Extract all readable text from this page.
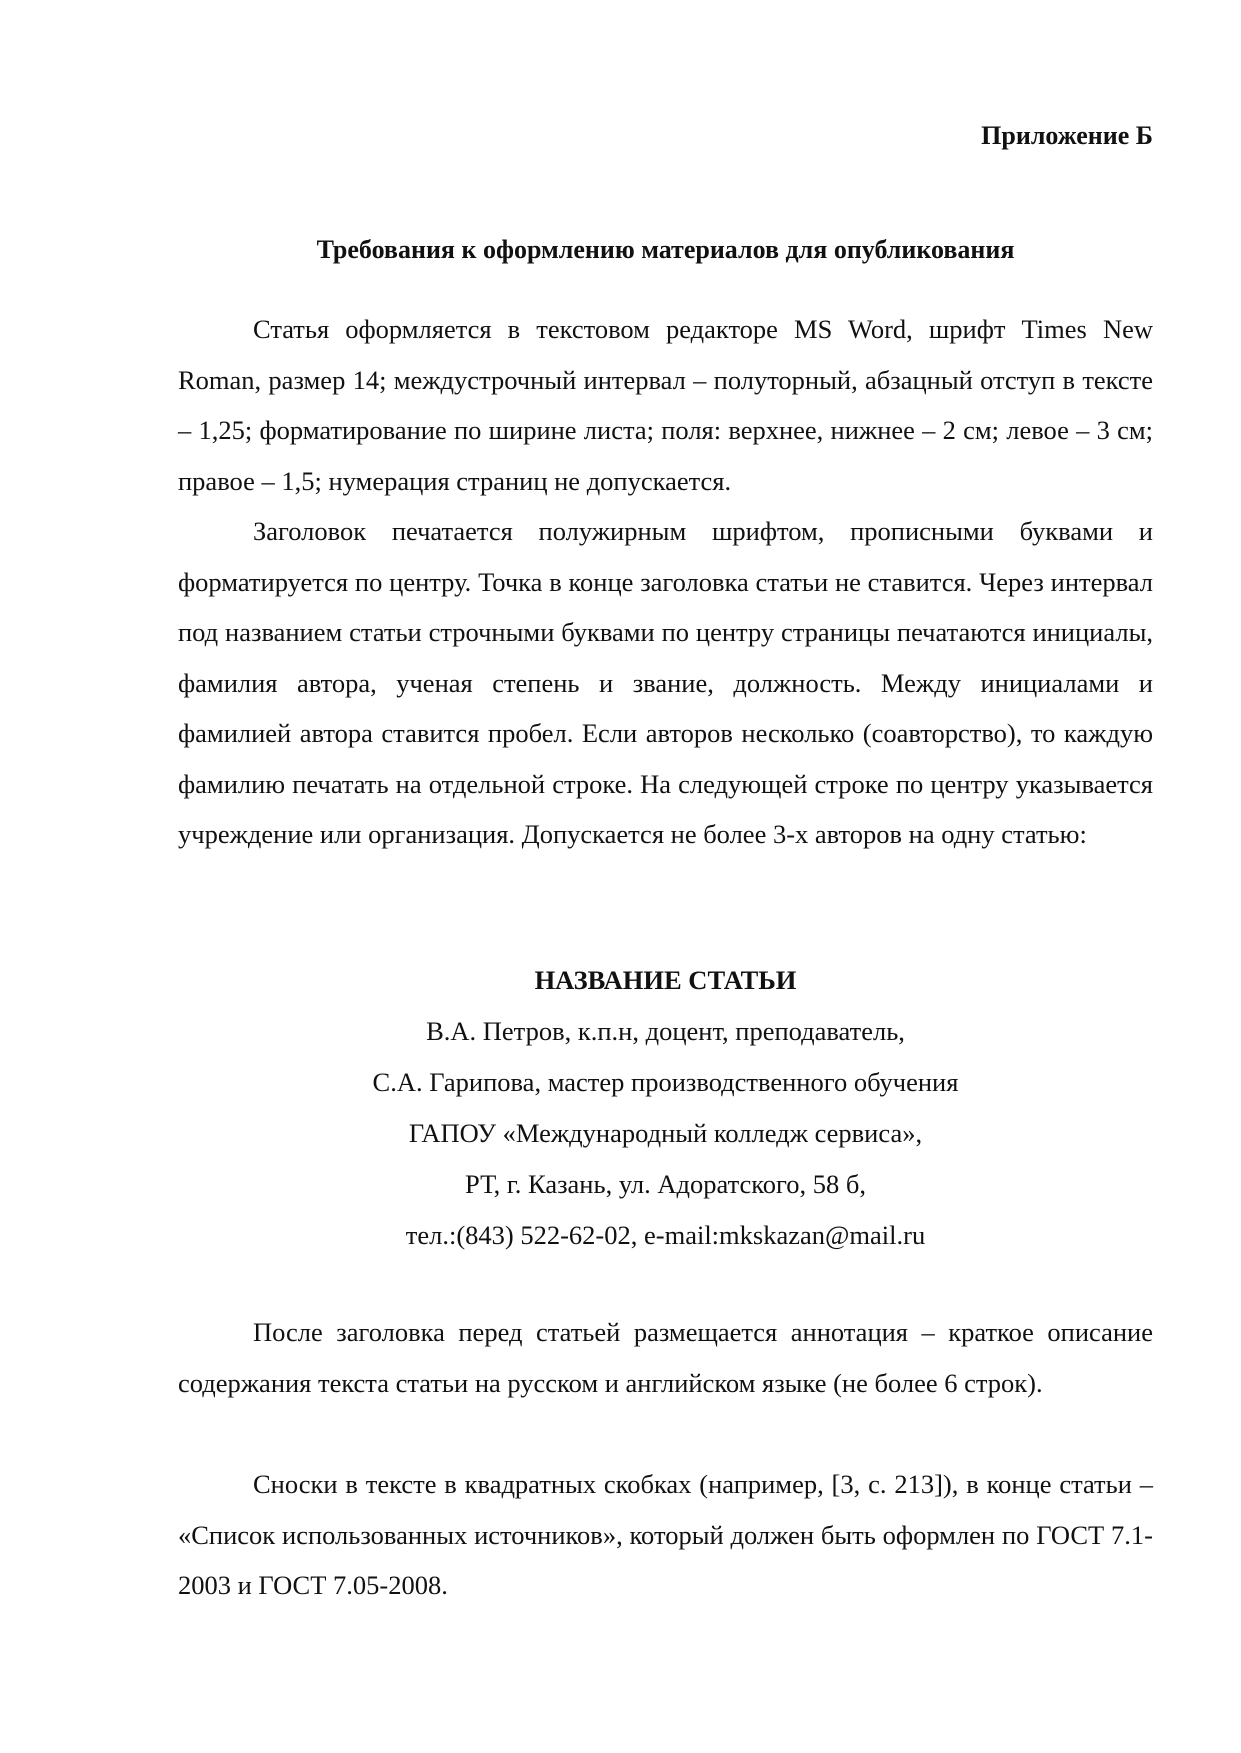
Приложение Б
Требования к оформлению материалов для опубликования

Статья оформляется в текстовом редакторе MS Word, шрифт Times New Roman, размер 14; междустрочный интервал – полуторный, абзацный отступ в тексте – 1,25; форматирование по ширине листа; поля: верхнее, нижнее – 2 см; левое – 3 см; правое – 1,5; нумерация страниц не допускается.

Заголовок печатается полужирным шрифтом, прописными буквами и форматируется по центру. Точка в конце заголовка статьи не ставится. Через интервал под названием статьи строчными буквами по центру страницы печатаются инициалы, фамилия автора, ученая степень и звание, должность. Между инициалами и фамилией автора ставится пробел. Если авторов несколько (соавторство), то каждую фамилию печатать на отдельной строке. На следующей строке по центру указывается учреждение или организация. Допускается не более 3-х авторов на одну статью:

НАЗВАНИЕ СТАТЬИ
В.А. Петров, к.п.н, доцент, преподаватель,
С.А. Гарипова, мастер производственного обучения
ГАПОУ «Международный колледж сервиса»,
РТ, г. Казань, ул. Адоратского, 58 б,
тел.:(843) 522-62-02, e-mail:mkskazan@mail.ru

После заголовка перед статьей размещается аннотация – краткое описание содержания текста статьи на русском и английском языке (не более 6 строк).

Сноски в тексте в квадратных скобках (например, [3, с. 213]), в конце статьи – «Список использованных источников», который должен быть оформлен по ГОСТ 7.1-2003 и ГОСТ 7.05-2008.
